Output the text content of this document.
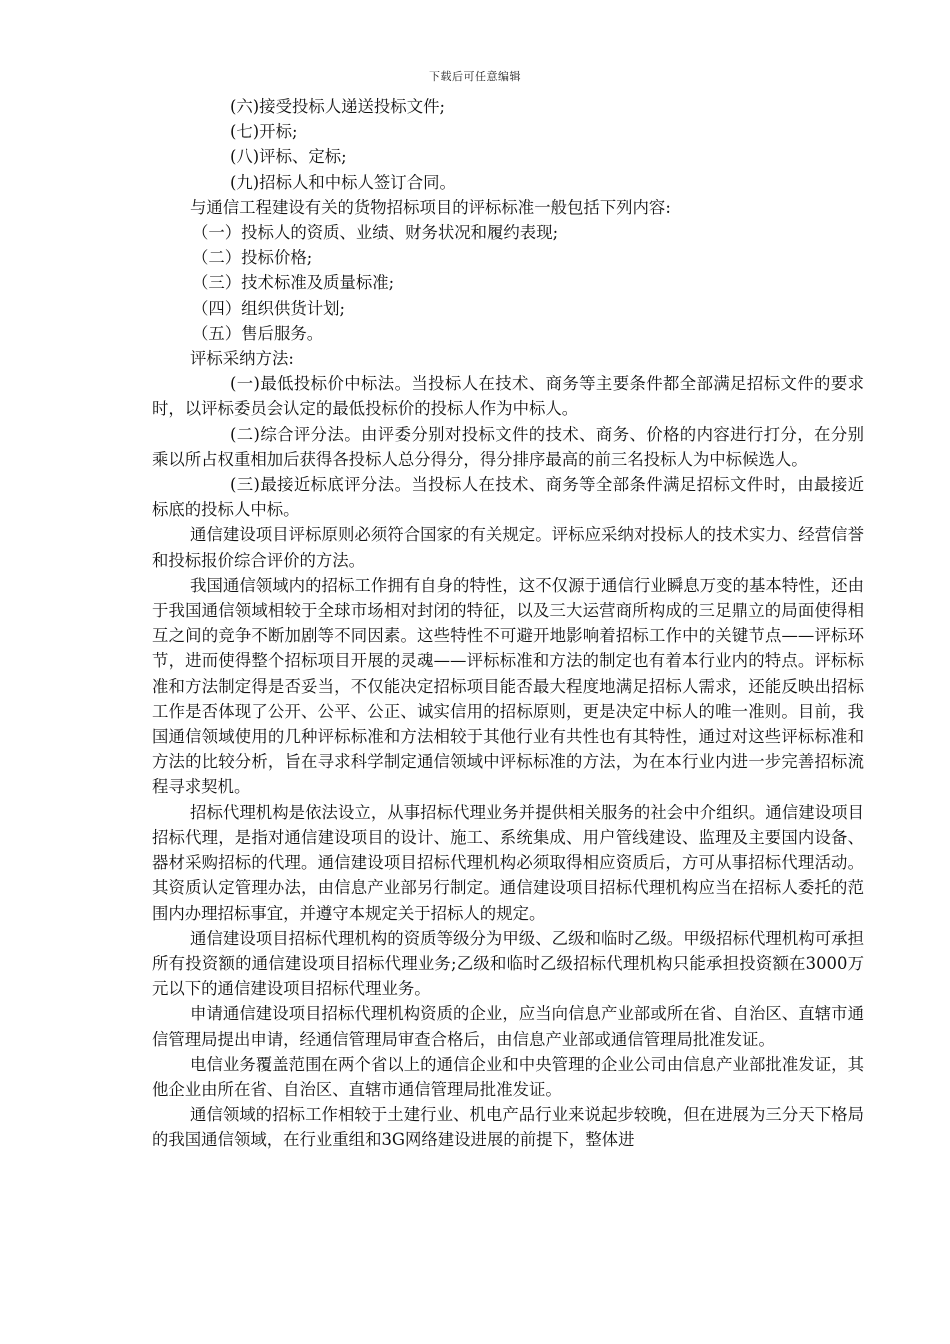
下载后可任意编辑

(六)接受投标人递送投标文件;

(七)开标;

(八)评标、定标;

(九)招标人和中标人签订合同。

与通信工程建设有关的货物招标项目的评标标准一般包括下列内容:

（一）投标人的资质、业绩、财务状况和履约表现;

（二）投标价格;

（三）技术标准及质量标准;

（四）组织供货计划;

（五）售后服务。

评标采纳方法:

(一)最低投标价中标法。当投标人在技术、商务等主要条件都全部满足招标文件的要求时，以评标委员会认定的最低投标价的投标人作为中标人。

(二)综合评分法。由评委分别对投标文件的技术、商务、价格的内容进行打分，在分别乘以所占权重相加后获得各投标人总分得分，得分排序最高的前三名投标人为中标候选人。

(三)最接近标底评分法。当投标人在技术、商务等全部条件满足招标文件时，由最接近标底的投标人中标。

通信建设项目评标原则必须符合国家的有关规定。评标应采纳对投标人的技术实力、经营信誉和投标报价综合评价的方法。

我国通信领域内的招标工作拥有自身的特性，这不仅源于通信行业瞬息万变的基本特性，还由于我国通信领域相较于全球市场相对封闭的特征，以及三大运营商所构成的三足鼎立的局面使得相互之间的竞争不断加剧等不同因素。这些特性不可避开地影响着招标工作中的关键节点——评标环节，进而使得整个招标项目开展的灵魂——评标标准和方法的制定也有着本行业内的特点。评标标准和方法制定得是否妥当，不仅能决定招标项目能否最大程度地满足招标人需求，还能反映出招标工作是否体现了公开、公平、公正、诚实信用的招标原则，更是决定中标人的唯一准则。目前，我国通信领域使用的几种评标标准和方法相较于其他行业有共性也有其特性，通过对这些评标标准和方法的比较分析，旨在寻求科学制定通信领域中评标标准的方法，为在本行业内进一步完善招标流程寻求契机。

招标代理机构是依法设立，从事招标代理业务并提供相关服务的社会中介组织。通信建设项目招标代理，是指对通信建设项目的设计、施工、系统集成、用户管线建设、监理及主要国内设备、器材采购招标的代理。通信建设项目招标代理机构必须取得相应资质后，方可从事招标代理活动。其资质认定管理办法，由信息产业部另行制定。通信建设项目招标代理机构应当在招标人委托的范围内办理招标事宜，并遵守本规定关于招标人的规定。

通信建设项目招标代理机构的资质等级分为甲级、乙级和临时乙级。甲级招标代理机构可承担所有投资额的通信建设项目招标代理业务;乙级和临时乙级招标代理机构只能承担投资额在3000万元以下的通信建设项目招标代理业务。

申请通信建设项目招标代理机构资质的企业，应当向信息产业部或所在省、自治区、直辖市通信管理局提出申请，经通信管理局审查合格后，由信息产业部或通信管理局批准发证。

电信业务覆盖范围在两个省以上的通信企业和中央管理的企业公司由信息产业部批准发证，其他企业由所在省、自治区、直辖市通信管理局批准发证。

通信领域的招标工作相较于土建行业、机电产品行业来说起步较晚，但在进展为三分天下格局的我国通信领域，在行业重组和3G网络建设进展的前提下，整体进
